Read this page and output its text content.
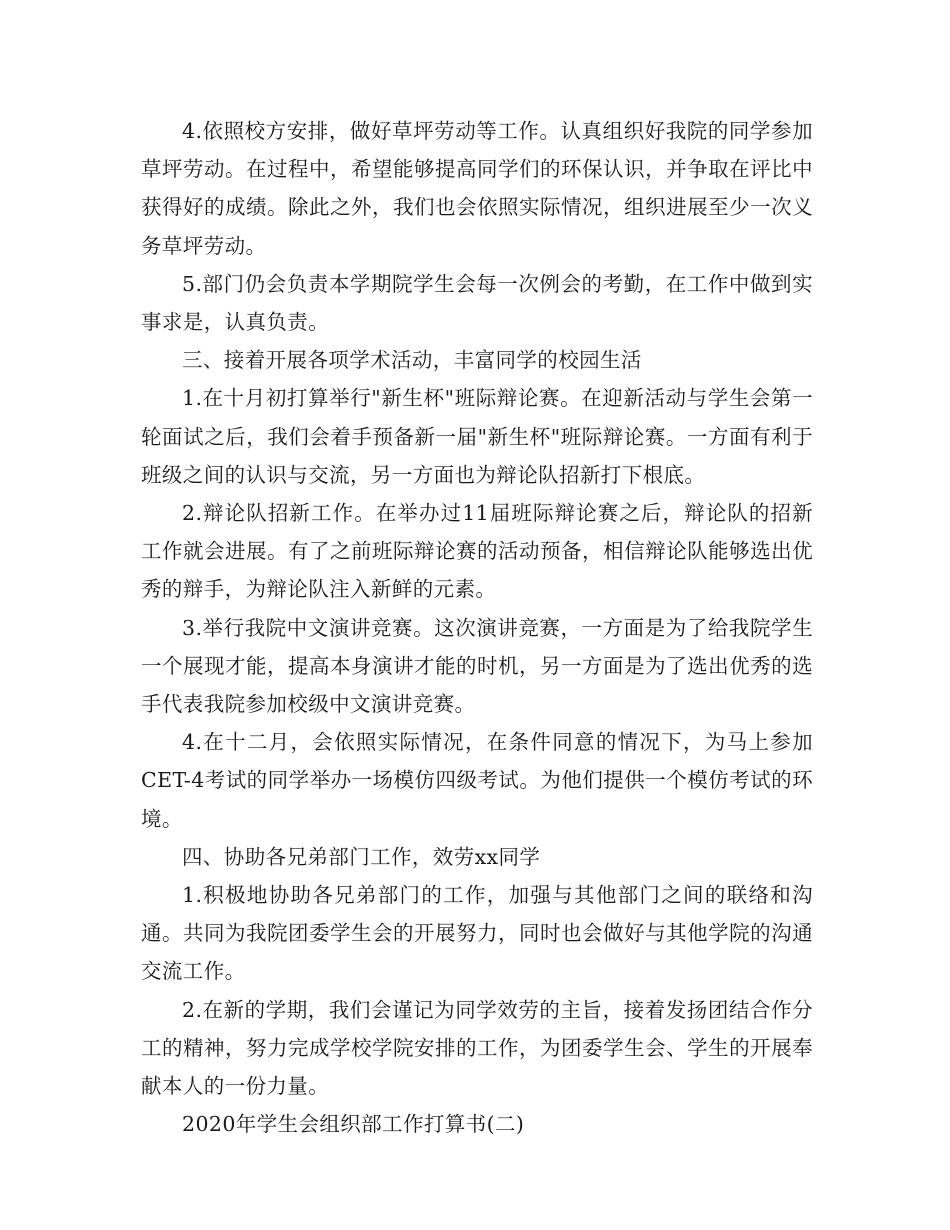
4.依照校方安排，做好草坪劳动等工作。认真组织好我院的同学参加草坪劳动。在过程中，希望能够提高同学们的环保认识，并争取在评比中获得好的成绩。除此之外，我们也会依照实际情况，组织进展至少一次义务草坪劳动。

5.部门仍会负责本学期院学生会每一次例会的考勤，在工作中做到实事求是，认真负责。

三、接着开展各项学术活动，丰富同学的校园生活

1.在十月初打算举行"新生杯"班际辩论赛。在迎新活动与学生会第一轮面试之后，我们会着手预备新一届"新生杯"班际辩论赛。一方面有利于班级之间的认识与交流，另一方面也为辩论队招新打下根底。

2.辩论队招新工作。在举办过11届班际辩论赛之后，辩论队的招新工作就会进展。有了之前班际辩论赛的活动预备，相信辩论队能够选出优秀的辩手，为辩论队注入新鲜的元素。

3.举行我院中文演讲竞赛。这次演讲竞赛，一方面是为了给我院学生一个展现才能，提高本身演讲才能的时机，另一方面是为了选出优秀的选手代表我院参加校级中文演讲竞赛。

4.在十二月，会依照实际情况，在条件同意的情况下，为马上参加CET-4考试的同学举办一场模仿四级考试。为他们提供一个模仿考试的环境。

四、协助各兄弟部门工作，效劳xx同学

1.积极地协助各兄弟部门的工作，加强与其他部门之间的联络和沟通。共同为我院团委学生会的开展努力，同时也会做好与其他学院的沟通交流工作。

2.在新的学期，我们会谨记为同学效劳的主旨，接着发扬团结合作分工的精神，努力完成学校学院安排的工作，为团委学生会、学生的开展奉献本人的一份力量。

2020年学生会组织部工作打算书(二)
